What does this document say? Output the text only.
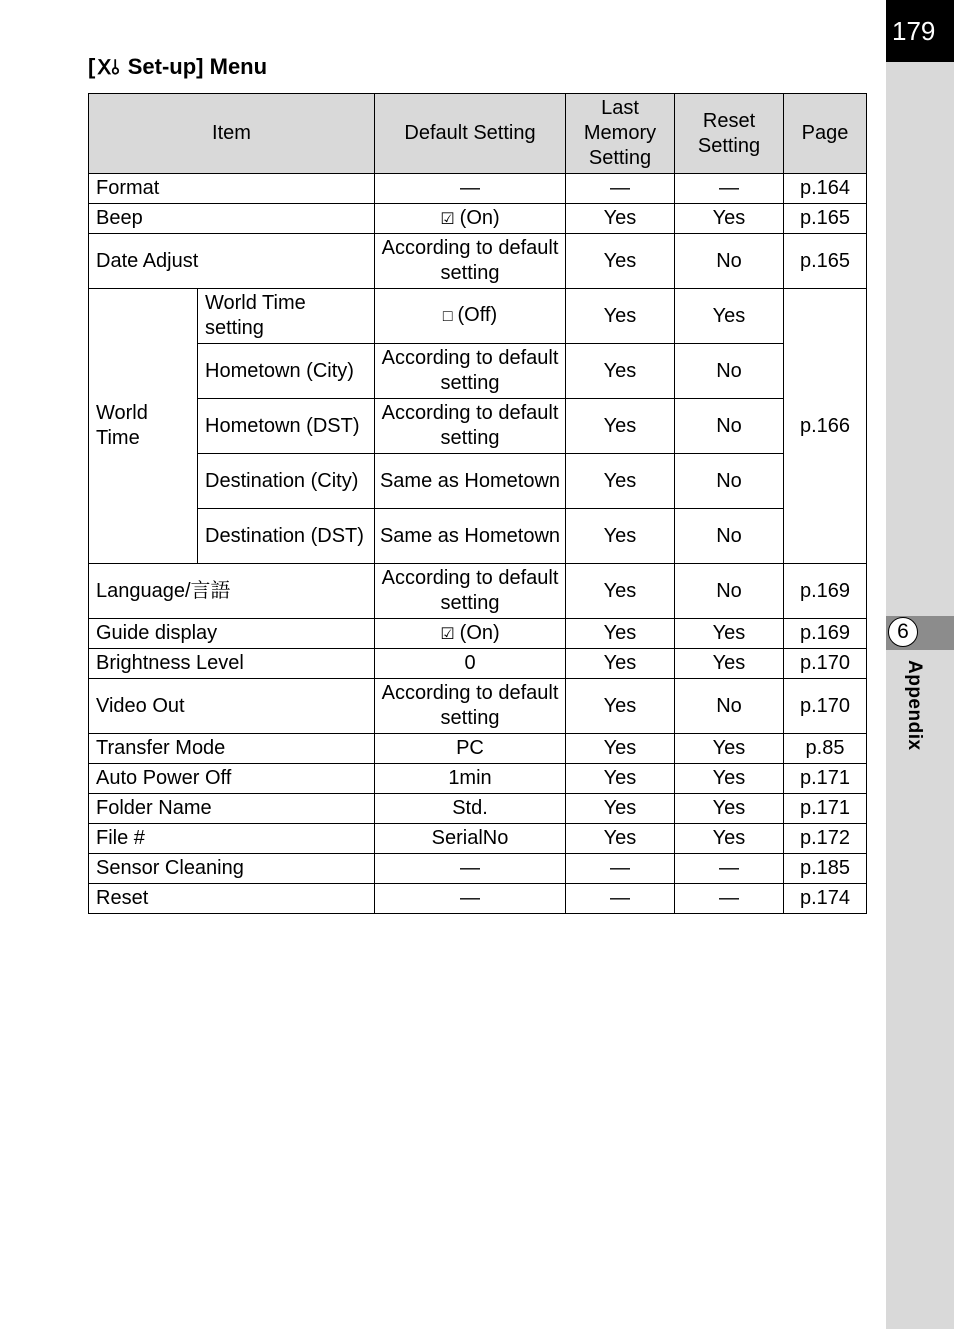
179
6
Appendix
[ Ⅹ⫰ Set-up] Menu
Item		Default Setting	Last Memory Setting	Reset Setting	Page
Format		—	—	—	p.164
Beep		☑ (On)	Yes	Yes	p.165
Date Adjust		According to default setting	Yes	No	p.165
World Time	World Time setting	□ (Off)	Yes	Yes	p.166
	Hometown (City)	According to default setting	Yes	No	
	Hometown (DST)	According to default setting	Yes	No	
	Destination (City)	Same as Hometown	Yes	No	
	Destination (DST)	Same as Hometown	Yes	No	
Language/言語		According to default setting	Yes	No	p.169
Guide display		☑ (On)	Yes	Yes	p.169
Brightness Level		0	Yes	Yes	p.170
Video Out		According to default setting	Yes	No	p.170
Transfer Mode		PC	Yes	Yes	p.85
Auto Power Off		1min	Yes	Yes	p.171
Folder Name		Std.	Yes	Yes	p.171
File #		SerialNo	Yes	Yes	p.172
Sensor Cleaning		—	—	—	p.185
Reset		—	—	—	p.174
